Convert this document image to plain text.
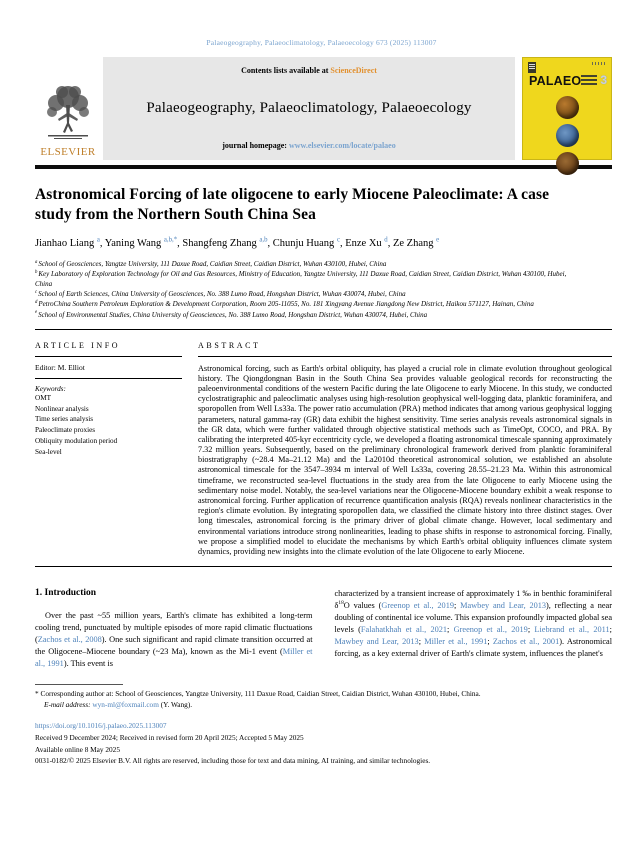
Palaeogeography, Palaeoclimatology, Palaeoecology 673 (2025) 113007
ELSEVIER
Contents lists available at ScienceDirect
Palaeogeography, Palaeoclimatology, Palaeoecology
journal homepage: www.elsevier.com/locate/palaeo
PALAEO 3
Astronomical Forcing of late oligocene to early Miocene Paleoclimate: A case study from the Northern South China Sea
Jianhao Liang $^a$, Yaning Wang $^{a,b,*}$, Shangfeng Zhang $^{a,b}$, Chunju Huang $^c$, Enze Xu $^d$, Ze Zhang $^e$
$^a$School of Geosciences, Yangtze University, 111 Daxue Road, Caidian Street, Caidian District, Wuhan 430100, Hubei, China
$^b$Key Laboratory of Exploration Technology for Oil and Gas Resources, Ministry of Education, Yangtze University, 111 Daxue Road, Caidian Street, Caidian District, Wuhan 430100, Hubei, China
$^c$School of Earth Sciences, China University of Geosciences, No. 388 Lumo Road, Hongshan District, Wuhan 430074, Hubei, China
$^d$PetroChina Southern Petroleum Exploration & Development Corporation, Room 205-11055, No. 181 Xingyang Avenue Jiangdong New District, Haikou 571127, Hainan, China
$^e$School of Environmental Studies, China University of Geosciences, No. 388 Lumo Road, Hongshan District, Wuhan 430074, Hubei, China
ARTICLE INFO
Editor: M. Elliot
Keywords:
OMT
Nonlinear analysis
Time series analysis
Paleoclimate proxies
Obliquity modulation period
Sea-level
ABSTRACT
Astronomical forcing, such as Earth's orbital obliquity, has played a crucial role in climate evolution throughout geological history. The Qiongdongnan Basin in the South China Sea provides valuable geological records for reconstructing the paleoenvironmental conditions of the western Pacific during the late Oligocene to early Miocene. In this study, we conducted cyclostratigraphic and paleoclimatic analyses using high-resolution geophysical well-logging data, planktic foraminifera, and sporopollen from Well Ls33a. The power ratio accumulation (PRA) method indicates that among various geophysical logging parameters, natural gamma-ray (GR) data exhibit the highest sensitivity. Time series analysis reveals astronomical signals in the GR data, which were further validated through objective statistical methods such as TimeOpt, COCO, and PRA. By calibrating the interpreted 405-kyr eccentricity cycle, we developed a floating astronomical timescale spanning approximately 7.32 million years. Subsequently, based on the preliminary chronological framework derived from planktic foraminiferal biostratigraphy (~28.4 Ma–21.12 Ma) and the La2010d theoretical astronomical solution, we established an absolute astronomical timescale for the 3547–3934 m interval of Well Ls33a, covering 28.55–21.23 Ma. Within this astronomical timeframe, we reconstructed sea-level fluctuations in the study area from the late Oligocene to early Miocene using the sedimentary noise model. Notably, the sea-level variations near the Oligocene-Miocene boundary exhibit a weak response to astronomical forcing. Further application of recurrence quantification analysis (RQA) reveals nonlinear characteristics in the region's climate evolution. By integrating sporopollen data, we classified the climate history into three distinct stages. Over long timescales, astronomical forcing is the primary driver of global climate change. However, local sedimentary and environmental variations introduce strong nonlinearities, leading to phase shifts in response to astronomical forcing. Finally, we propose a simplified model to elucidate the mechanisms by which Earth's orbital obliquity influences climate system dynamics, providing new insights into the climate evolution of the late Oligocene to early Miocene.
1. Introduction

Over the past ~55 million years, Earth's climate has exhibited a long-term cooling trend, punctuated by multiple episodes of more rapid climatic fluctuations (Zachos et al., 2008). One such significant and rapid climate transition occurred at the Oligocene–Miocene boundary (~23 Ma), known as the Mi-1 event (Miller et al., 1991). This event is

characterized by a transient increase of approximately 1 ‰ in benthic foraminiferal $\delta^{18}O$ values (Greenop et al., 2019; Mawbey and Lear, 2013), reflecting a near doubling of continental ice volume. This expansion profoundly impacted global sea levels (Falahatkhah et al., 2021; Greenop et al., 2019; Liebrand et al., 2011; Mawbey and Lear, 2013; Miller et al., 1991; Zachos et al., 2001). Astronomical forcing, as a key external driver of Earth's climate system, influences the planet's

* Corresponding author at: School of Geosciences, Yangtze University, 111 Daxue Road, Caidian Street, Caidian District, Wuhan 430100, Hubei, China.
E-mail address: wyn-ml@foxmail.com (Y. Wang).
https://doi.org/10.1016/j.palaeo.2025.113007
Received 9 December 2024; Received in revised form 20 April 2025; Accepted 5 May 2025
Available online 8 May 2025
0031-0182/© 2025 Elsevier B.V. All rights are reserved, including those for text and data mining, AI training, and similar technologies.
